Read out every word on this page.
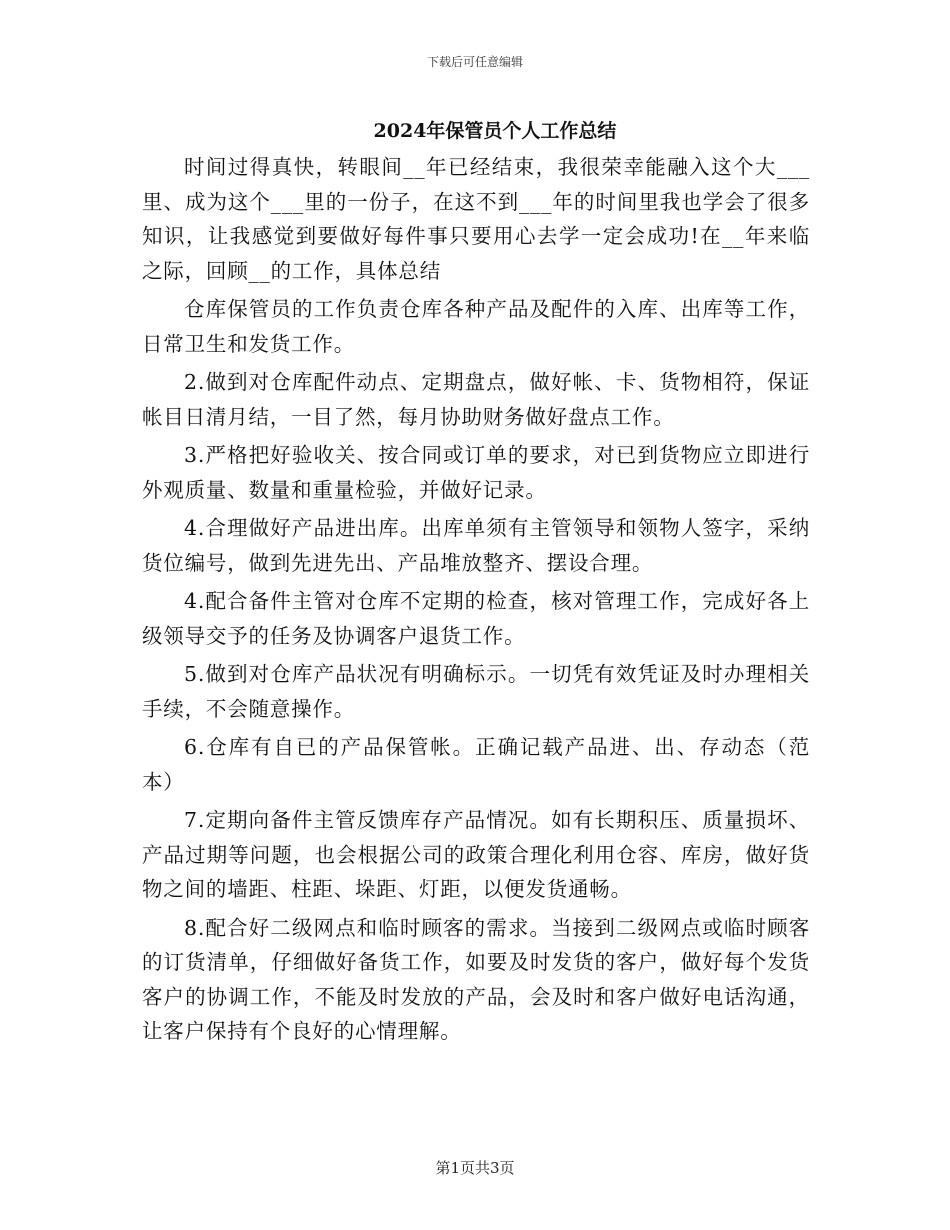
下载后可任意编辑
2024年保管员个人工作总结

时间过得真快，转眼间__年已经结束，我很荣幸能融入这个大___里、成为这个___里的一份子，在这不到___年的时间里我也学会了很多知识，让我感觉到要做好每件事只要用心去学一定会成功!在__年来临之际，回顾__的工作，具体总结

仓库保管员的工作负责仓库各种产品及配件的入库、出库等工作，日常卫生和发货工作。

2.做到对仓库配件动点、定期盘点，做好帐、卡、货物相符，保证帐目日清月结，一目了然，每月协助财务做好盘点工作。

3.严格把好验收关、按合同或订单的要求，对已到货物应立即进行外观质量、数量和重量检验，并做好记录。

4.合理做好产品进出库。出库单须有主管领导和领物人签字，采纳货位编号，做到先进先出、产品堆放整齐、摆设合理。

4.配合备件主管对仓库不定期的检查，核对管理工作，完成好各上级领导交予的任务及协调客户退货工作。

5.做到对仓库产品状况有明确标示。一切凭有效凭证及时办理相关手续，不会随意操作。

6.仓库有自已的产品保管帐。正确记载产品进、出、存动态（范本）

7.定期向备件主管反馈库存产品情况。如有长期积压、质量损坏、产品过期等问题，也会根据公司的政策合理化利用仓容、库房，做好货物之间的墙距、柱距、垛距、灯距，以便发货通畅。

8.配合好二级网点和临时顾客的需求。当接到二级网点或临时顾客的订货清单，仔细做好备货工作，如要及时发货的客户，做好每个发货客户的协调工作，不能及时发放的产品，会及时和客户做好电话沟通，让客户保持有个良好的心情理解。

第1页共3页
